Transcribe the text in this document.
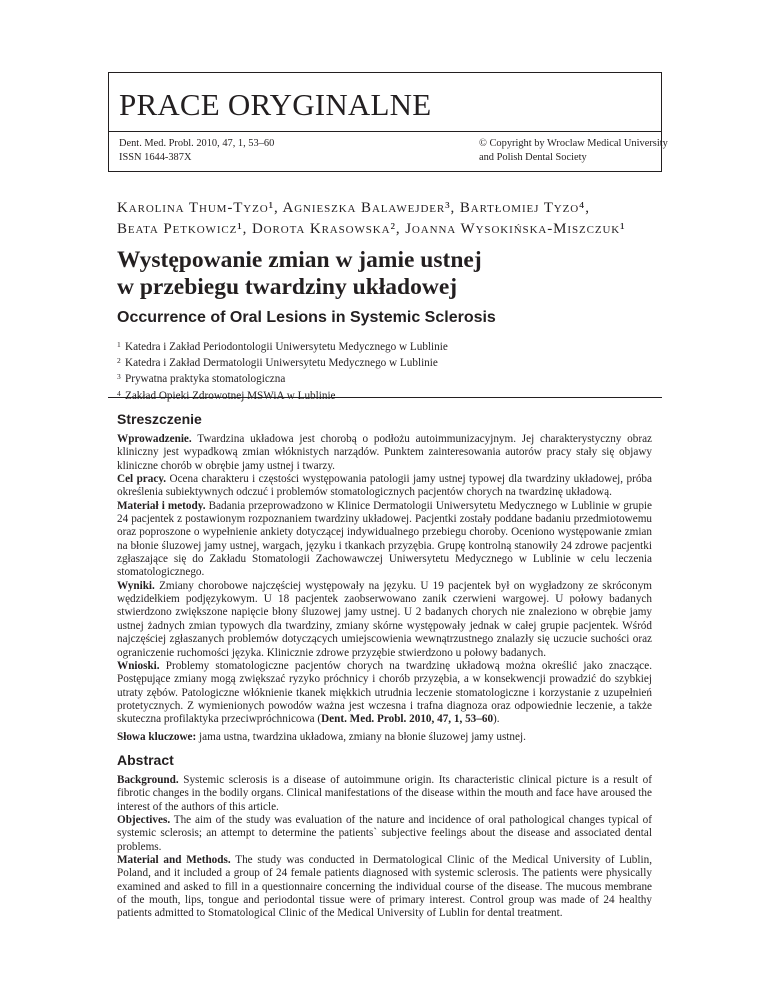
PRACE ORYGINALNE
Dent. Med. Probl. 2010, 47, 1, 53–60
ISSN 1644-387X
© Copyright by Wroclaw Medical University
and Polish Dental Society
Karolina Thum-Tyzo¹, Agnieszka Balawejder³, Bartłomiej Tyzo⁴,
Beata Petkowicz¹, Dorota Krasowska², Joanna Wysokińska-Miszczuk¹
Występowanie zmian w jamie ustnej
w przebiegu twardziny układowej
Occurrence of Oral Lesions in Systemic Sclerosis
$^1$ Katedra i Zakład Periodontologii Uniwersytetu Medycznego w Lublinie
$^2$ Katedra i Zakład Dermatologii Uniwersytetu Medycznego w Lublinie
$^3$ Prywatna praktyka stomatologiczna
$^4$ Zakład Opieki Zdrowotnej MSWiA w Lublinie
Streszczenie

Wprowadzenie. Twardzina układowa jest chorobą o podłożu autoimmunizacyjnym. Jej charakterystyczny obraz kliniczny jest wypadkową zmian włóknistych narządów. Punktem zainteresowania autorów pracy stały się objawy kliniczne chorób w obrębie jamy ustnej i twarzy.

Cel pracy. Ocena charakteru i częstości występowania patologii jamy ustnej typowej dla twardziny układowej, próba określenia subiektywnych odczuć i problemów stomatologicznych pacjentów chorych na twardzinę układową.

Materiał i metody. Badania przeprowadzono w Klinice Dermatologii Uniwersytetu Medycznego w Lublinie w grupie 24 pacjentek z postawionym rozpoznaniem twardziny układowej. Pacjentki zostały poddane badaniu przedmiotowemu oraz poproszone o wypełnienie ankiety dotyczącej indywidualnego przebiegu choroby. Oceniono występowanie zmian na błonie śluzowej jamy ustnej, wargach, języku i tkankach przyzębia. Grupę kontrolną stanowiły 24 zdrowe pacjentki zgłaszające się do Zakładu Stomatologii Zachowawczej Uniwersytetu Medycznego w Lublinie w celu leczenia stomatologicznego.

Wyniki. Zmiany chorobowe najczęściej występowały na języku. U 19 pacjentek był on wygładzony ze skróconym wędzidełkiem podjęzykowym. U 18 pacjentek zaobserwowano zanik czerwieni wargowej. U połowy badanych stwierdzono zwiększone napięcie błony śluzowej jamy ustnej. U 2 badanych chorych nie znaleziono w obrębie jamy ustnej żadnych zmian typowych dla twardziny, zmiany skórne występowały jednak w całej grupie pacjentek. Wśród najczęściej zgłaszanych problemów dotyczących umiejscowienia wewnątrzustnego znalazły się uczucie suchości oraz ograniczenie ruchomości języka. Klinicznie zdrowe przyzębie stwierdzono u połowy badanych.

Wnioski. Problemy stomatologiczne pacjentów chorych na twardzinę układową można określić jako znaczące. Postępujące zmiany mogą zwiększać ryzyko próchnicy i chorób przyzębia, a w konsekwencji prowadzić do szybkiej utraty zębów. Patologiczne włóknienie tkanek miękkich utrudnia leczenie stomatologiczne i korzystanie z uzupełnień protetycznych. Z wymienionych powodów ważna jest wczesna i trafna diagnoza oraz odpowiednie leczenie, a także skuteczna profilaktyka przeciwpróchnicowa (Dent. Med. Probl. 2010, 47, 1, 53–60).

Słowa kluczowe: jama ustna, twardzina układowa, zmiany na błonie śluzowej jamy ustnej.

Abstract

Background. Systemic sclerosis is a disease of autoimmune origin. Its characteristic clinical picture is a result of fibrotic changes in the bodily organs. Clinical manifestations of the disease within the mouth and face have aroused the interest of the authors of this article.

Objectives. The aim of the study was evaluation of the nature and incidence of oral pathological changes typical of systemic sclerosis; an attempt to determine the patients` subjective feelings about the disease and associated dental problems.

Material and Methods. The study was conducted in Dermatological Clinic of the Medical University of Lublin, Poland, and it included a group of 24 female patients diagnosed with systemic sclerosis. The patients were physically examined and asked to fill in a questionnaire concerning the individual course of the disease. The mucous membrane of the mouth, lips, tongue and periodontal tissue were of primary interest. Control group was made of 24 healthy patients admitted to Stomatological Clinic of the Medical University of Lublin for dental treatment.
